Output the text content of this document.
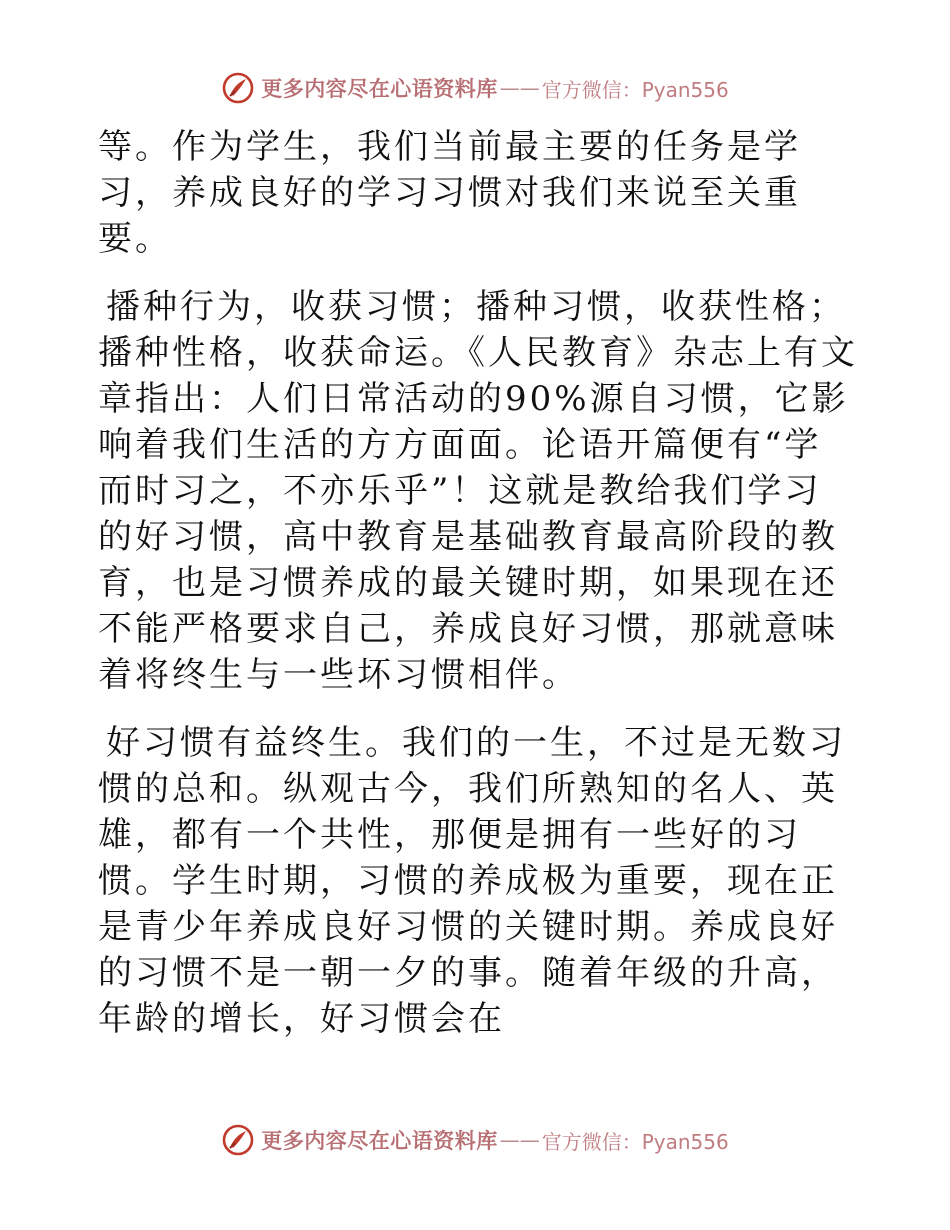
更多内容尽在心语资料库 —— 官方微信：Pyan556

等。作为学生，我们当前最主要的任务是学习，养成良好的学习习惯对我们来说至关重要。

播种行为，收获习惯；播种习惯，收获性格；播种性格，收获命运。《人民教育》杂志上有文章指出：人们日常活动的90%源自习惯，它影响着我们生活的方方面面。论语开篇便有“学而时习之，不亦乐乎”！这就是教给我们学习的好习惯，高中教育是基础教育最高阶段的教育，也是习惯养成的最关键时期，如果现在还不能严格要求自己，养成良好习惯，那就意味着将终生与一些坏习惯相伴。

好习惯有益终生。我们的一生，不过是无数习惯的总和。纵观古今，我们所熟知的名人、英雄，都有一个共性，那便是拥有一些好的习惯。学生时期，习惯的养成极为重要，现在正是青少年养成良好习惯的关键时期。养成良好的习惯不是一朝一夕的事。随着年级的升高，年龄的增长，好习惯会在

更多内容尽在心语资料库 —— 官方微信：Pyan556
